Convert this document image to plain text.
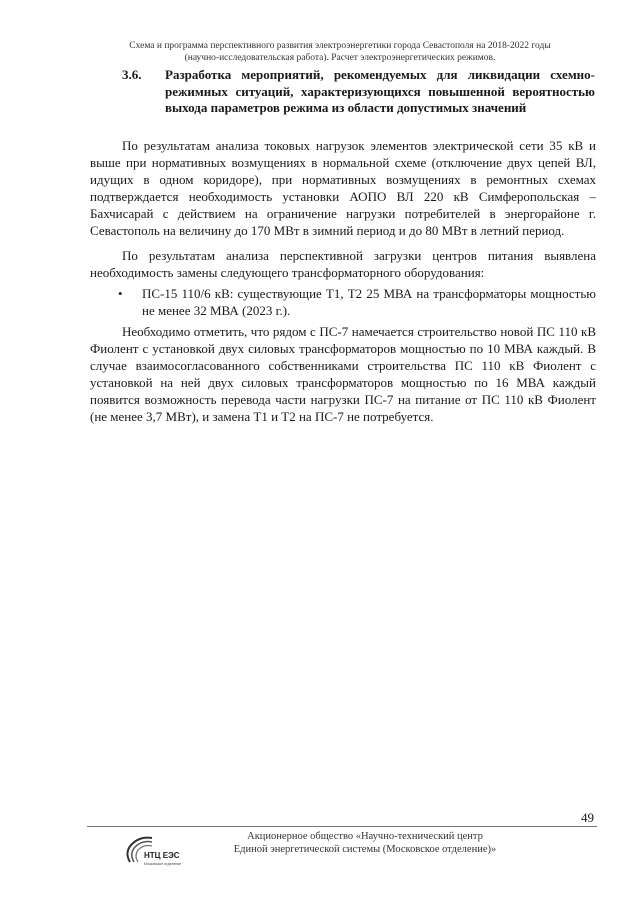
Схема и программа перспективного развития электроэнергетики города Севастополя на 2018-2022 годы
(научно-исследовательская работа). Расчет электроэнергетических режимов.
3.6. Разработка мероприятий, рекомендуемых для ликвидации схемно-режимных ситуаций, характеризующихся повышенной вероятностью выхода параметров режима из области допустимых значений

По результатам анализа токовых нагрузок элементов электрической сети 35 кВ и выше при нормативных возмущениях в нормальной схеме (отключение двух цепей ВЛ, идущих в одном коридоре), при нормативных возмущениях в ремонтных схемах подтверждается необходимость установки АОПО ВЛ 220 кВ Симферопольская – Бахчисарай с действием на ограничение нагрузки потребителей в энергорайоне г. Севастополь на величину до 170 МВт в зимний период и до 80 МВт в летний период.

По результатам анализа перспективной загрузки центров питания выявлена необходимость замены следующего трансформаторного оборудования:

• ПС-15 110/6 кВ: существующие Т1, Т2 25 МВА на трансформаторы мощностью не менее 32 МВА (2023 г.).

Необходимо отметить, что рядом с ПС-7 намечается строительство новой ПС 110 кВ Фиолент с установкой двух силовых трансформаторов мощностью по 10 МВА каждый. В случае взаимосогласованного собственниками строительства ПС 110 кВ Фиолент с установкой на ней двух силовых трансформаторов мощностью по 16 МВА каждый появится возможность перевода части нагрузки ПС-7 на питание от ПС 110 кВ Фиолент (не менее 3,7 МВт), и замена Т1 и Т2 на ПС-7 не потребуется.

49
НТЦ ЕЭС
Московское отделение
Акционерное общество «Научно-технический центр
Единой энергетической системы (Московское отделение)»
